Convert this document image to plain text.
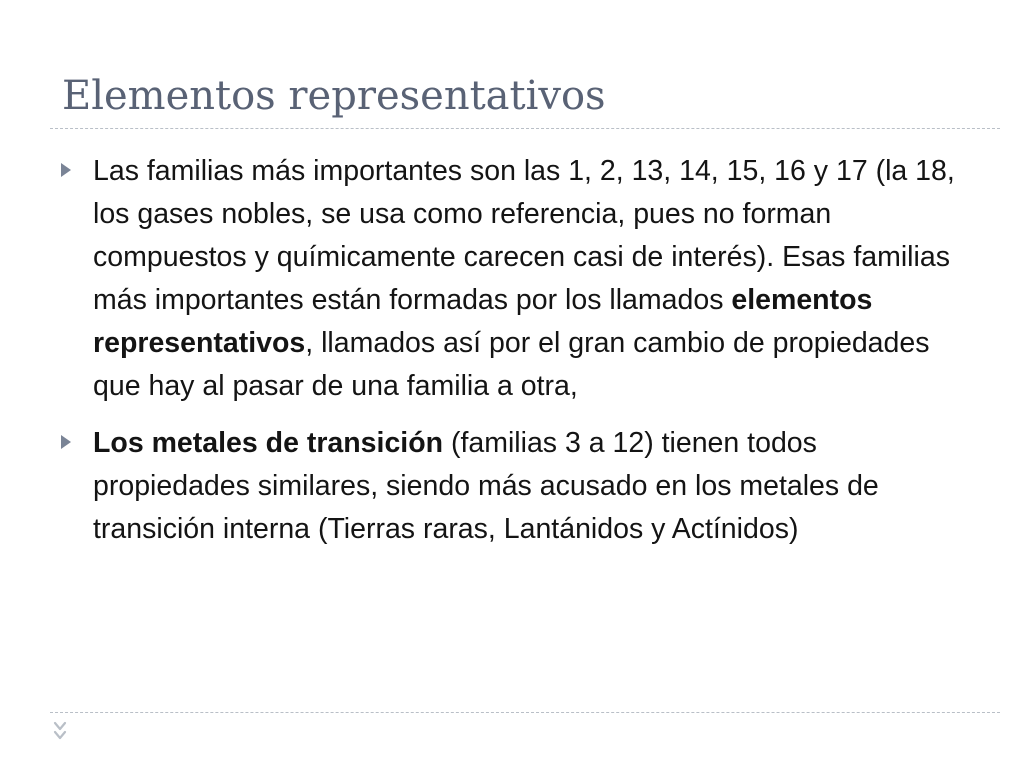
Elementos representativos
Las familias más importantes son las 1, 2, 13, 14, 15, 16 y 17 (la 18, los gases nobles, se usa como referencia, pues no forman compuestos y químicamente carecen casi de interés). Esas familias más importantes están formadas por los llamados elementos representativos, llamados así por el gran cambio de propiedades que hay al pasar de una familia a otra,
Los metales de transición (familias 3 a 12) tienen todos propiedades similares, siendo más acusado en los metales de transición interna (Tierras raras, Lantánidos y Actínidos)
